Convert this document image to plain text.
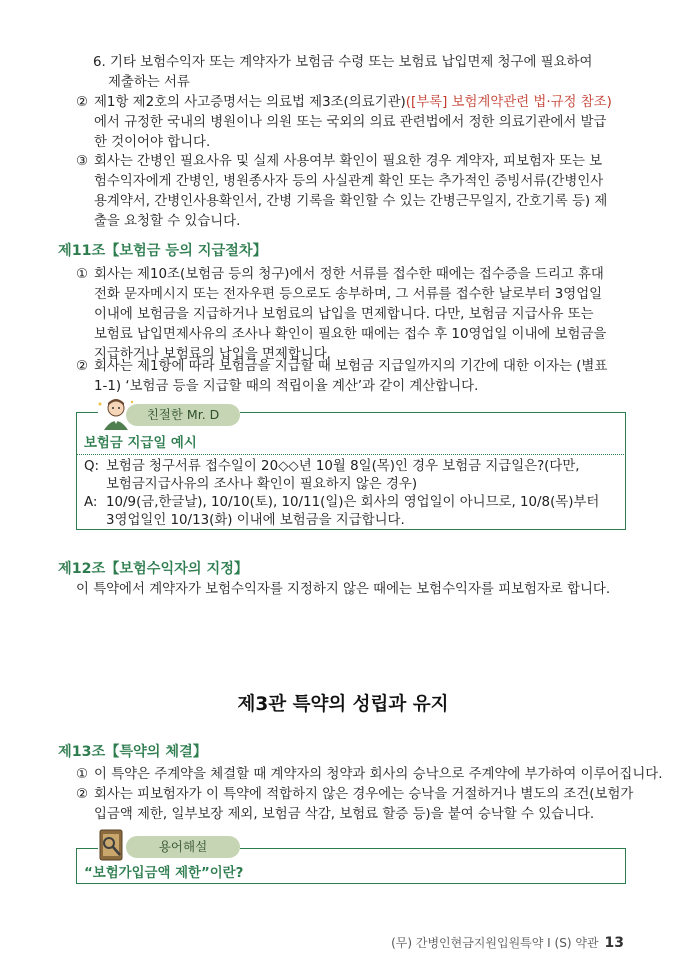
6. 기타 보험수익자 또는 계약자가 보험금 수령 또는 보험료 납입면제 청구에 필요하여
제출하는 서류
② 제1항 제2호의 사고증명서는 의료법 제3조(의료기관)([부록] 보험계약관련 법·규정 참조)
에서 규정한 국내의 병원이나 의원 또는 국외의 의료 관련법에서 정한 의료기관에서 발급
한 것이어야 합니다.
③ 회사는 간병인 필요사유 및 실제 사용여부 확인이 필요한 경우 계약자, 피보험자 또는 보
험수익자에게 간병인, 병원종사자 등의 사실관계 확인 또는 추가적인 증빙서류(간병인사
용계약서, 간병인사용확인서, 간병 기록을 확인할 수 있는 간병근무일지, 간호기록 등) 제
출을 요청할 수 있습니다.
제11조【보험금 등의 지급절차】
① 회사는 제10조(보험금 등의 청구)에서 정한 서류를 접수한 때에는 접수증을 드리고 휴대
전화 문자메시지 또는 전자우편 등으로도 송부하며, 그 서류를 접수한 날로부터 3영업일
이내에 보험금을 지급하거나 보험료의 납입을 면제합니다. 다만, 보험금 지급사유 또는
보험료 납입면제사유의 조사나 확인이 필요한 때에는 접수 후 10영업일 이내에 보험금을
지급하거나 보험료의 납입을 면제합니다.
② 회사는 제1항에 따라 보험금을 지급할 때 보험금 지급일까지의 기간에 대한 이자는 (별표
1-1) ‘보험금 등을 지급할 때의 적립이율 계산’과 같이 계산합니다.
친절한 Mr. D
보험금 지급일 예시
Q: 보험금 청구서류 접수일이 20◇◇년 10월 8일(목)인 경우 보험금 지급일은?(다만,
보험금지급사유의 조사나 확인이 필요하지 않은 경우)
A: 10/9(금,한글날), 10/10(토), 10/11(일)은 회사의 영업일이 아니므로, 10/8(목)부터
3영업일인 10/13(화) 이내에 보험금을 지급합니다.
제12조【보험수익자의 지정】
이 특약에서 계약자가 보험수익자를 지정하지 않은 때에는 보험수익자를 피보험자로 합니다.
제3관 특약의 성립과 유지
제13조【특약의 체결】
① 이 특약은 주계약을 체결할 때 계약자의 청약과 회사의 승낙으로 주계약에 부가하여 이루어집니다.
② 회사는 피보험자가 이 특약에 적합하지 않은 경우에는 승낙을 거절하거나 별도의 조건(보험가
입금액 제한, 일부보장 제외, 보험금 삭감, 보험료 할증 등)을 붙여 승낙할 수 있습니다.
용어해설
“보험가입금액 제한”이란?
(무) 간병인현금지원입원특약 I (S) 약관 13
